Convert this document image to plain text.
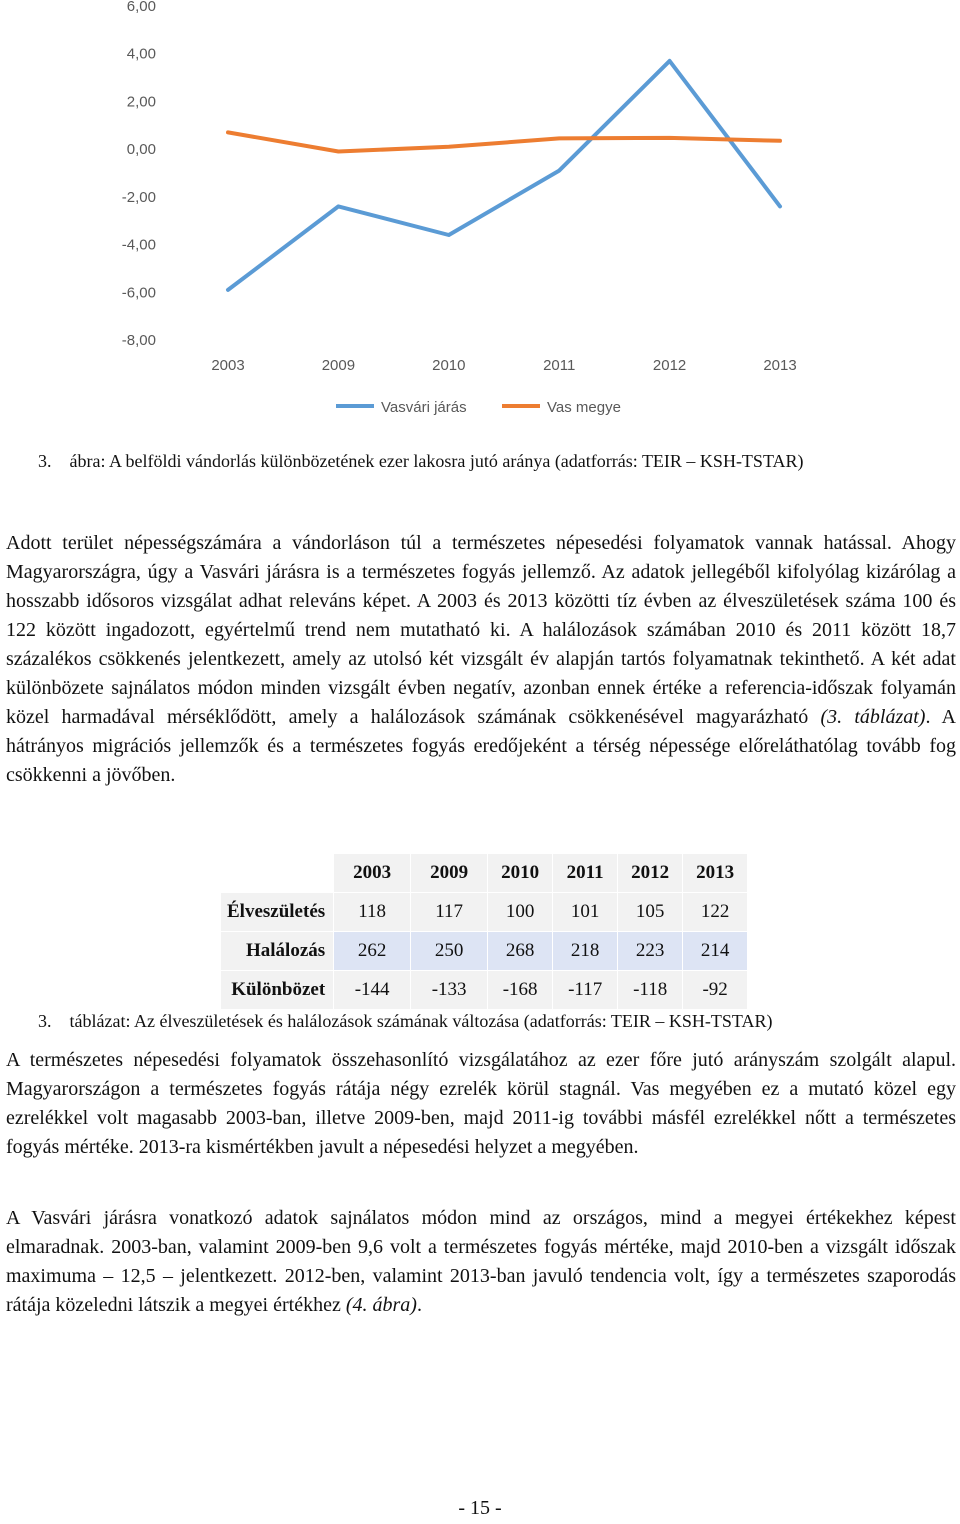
6,00
4,00
2,00
0,00
-2,00
-4,00
-6,00
-8,00
2003	2009	2010	2011	2012	2013
Vasvári járás	Vas megye
3. ábra: A belföldi vándorlás különbözetének ezer lakosra jutó aránya (adatforrás: TEIR – KSH-TSTAR)

Adott terület népességszámára a vándorláson túl a természetes népesedési folyamatok vannak hatással. Ahogy Magyarországra, úgy a Vasvári járásra is a természetes fogyás jellemző. Az adatok jellegéből kifolyólag kizárólag a hosszabb idősoros vizsgálat adhat releváns képet. A 2003 és 2013 közötti tíz évben az élveszületések száma 100 és 122 között ingadozott, egyértelmű trend nem mutatható ki. A halálozások számában 2010 és 2011 között 18,7 százalékos csökkenés jelentkezett, amely az utolsó két vizsgált év alapján tartós folyamatnak tekinthető. A két adat különbözete sajnálatos módon minden vizsgált évben negatív, azonban ennek értéke a referencia-időszak folyamán közel harmadával mérséklődött, amely a halálozások számának csökkenésével magyarázható (3. táblázat). A hátrányos migrációs jellemzők és a természetes fogyás eredőjeként a térség népessége előreláthatólag tovább fog csökkenni a jövőben.

	2003	2009	2010	2011	2012	2013
Élveszületés	118	117	100	101	105	122
Halálozás	262	250	268	218	223	214
Különbözet	-144	-133	-168	-117	-118	-92
3. táblázat: Az élveszületések és halálozások számának változása (adatforrás: TEIR – KSH-TSTAR)

A természetes népesedési folyamatok összehasonlító vizsgálatához az ezer főre jutó arányszám szolgált alapul. Magyarországon a természetes fogyás rátája négy ezrelék körül stagnál. Vas megyében ez a mutató közel egy ezrelékkel volt magasabb 2003-ban, illetve 2009-ben, majd 2011-ig további másfél ezrelékkel nőtt a természetes fogyás mértéke. 2013-ra kismértékben javult a népesedési helyzet a megyében.

A Vasvári járásra vonatkozó adatok sajnálatos módon mind az országos, mind a megyei értékekhez képest elmaradnak. 2003-ban, valamint 2009-ben 9,6 volt a természetes fogyás mértéke, majd 2010-ben a vizsgált időszak maximuma – 12,5 – jelentkezett. 2012-ben, valamint 2013-ban javuló tendencia volt, így a természetes szaporodás rátája közeledni látszik a megyei értékhez (4. ábra).

- 15 -
